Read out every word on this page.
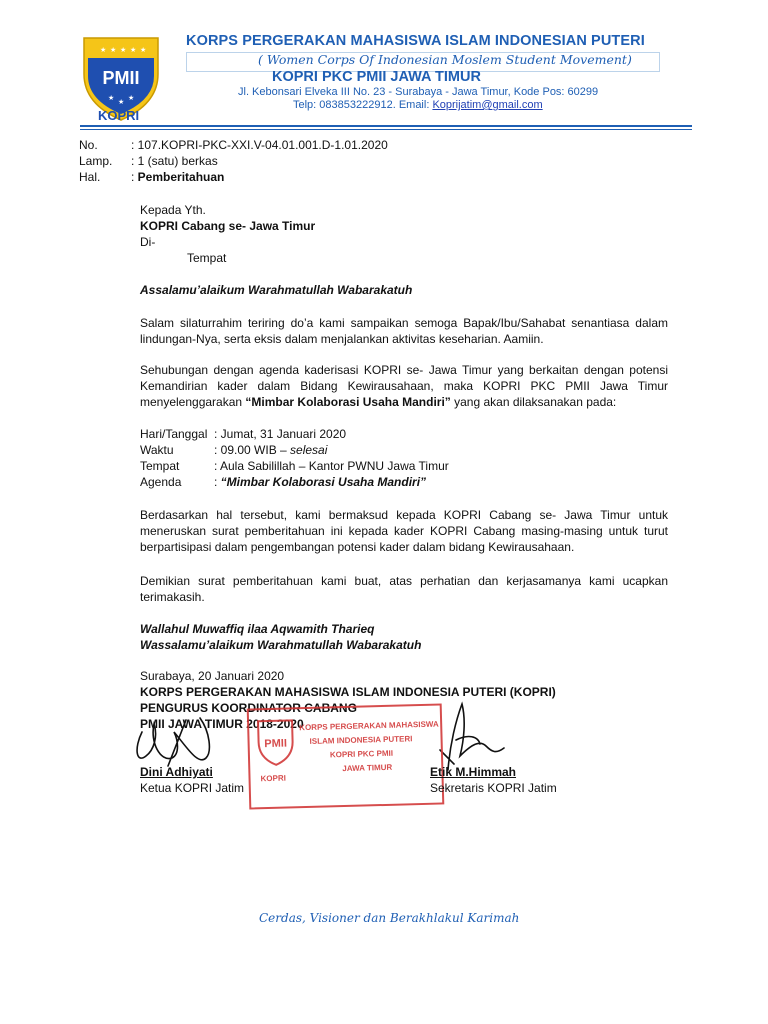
★ ★ ★ ★ ★
★ ★ ★
PMII
KOPRI
KORPS PERGERAKAN MAHASISWA ISLAM INDONESIAN PUTERI
( Women Corps Of Indonesian Moslem Student Movement)
KOPRI PKC PMII JAWA TIMUR
Jl. Kebonsari Elveka III No. 23 - Surabaya - Jawa Timur, Kode Pos: 60299
Telp: 083853222912. Email: Koprijatim@gmail.com
No.	: 107.KOPRI-PKC-XXI.V-04.01.001.D-1.01.2020
Lamp. : 1 (satu) berkas
Hal.	: Pemberitahuan
Kepada Yth.
KOPRI Cabang se- Jawa Timur
Di-
Tempat
Assalamu’alaikum Warahmatullah Wabarakatuh
Salam silaturrahim teriring do’a kami sampaikan semoga Bapak/Ibu/Sahabat senantiasa dalam
lindungan-Nya, serta eksis dalam menjalankan aktivitas keseharian. Aamiin.
Sehubungan dengan agenda kaderisasi KOPRI se- Jawa Timur yang berkaitan dengan potensi
Kemandirian kader dalam Bidang Kewirausahaan, maka KOPRI PKC PMII Jawa Timur
menyelenggarakan “Mimbar Kolaborasi Usaha Mandiri” yang akan dilaksanakan pada:
Hari/Tanggal : Jumat, 31 Januari 2020
Waktu	: 09.00 WIB – selesai
Tempat	: Aula Sabilillah – Kantor PWNU Jawa Timur
Agenda	: “Mimbar Kolaborasi Usaha Mandiri”
Berdasarkan hal tersebut, kami bermaksud kepada KOPRI Cabang se- Jawa Timur untuk
meneruskan surat pemberitahuan ini kepada kader KOPRI Cabang masing-masing untuk turut
berpartisipasi dalam pengembangan potensi kader dalam bidang Kewirausahaan.
Demikian surat pemberitahuan kami buat, atas perhatian dan kerjasamanya kami ucapkan
terimakasih.
Wallahul Muwaffiq ilaa Aqwamith Tharieq
Wassalamu’alaikum Warahmatullah Wabarakatuh
Surabaya, 20 Januari 2020
KORPS PERGERAKAN MAHASISWA ISLAM INDONESIA PUTERI (KOPRI)
PENGURUS KOORDINATOR CABANG
PMII JAWA TIMUR 2018-2020
PMII
KOPRI
KORPS PERGERAKAN MAHASISWA
ISLAM INDONESIA PUTERI
KOPRI PKC PMII
JAWA TIMUR
Dini Adhiyati
Ketua KOPRI Jatim
Etik M.Himmah
Sekretaris KOPRI Jatim
Cerdas, Visioner dan Berakhlakul Karimah
